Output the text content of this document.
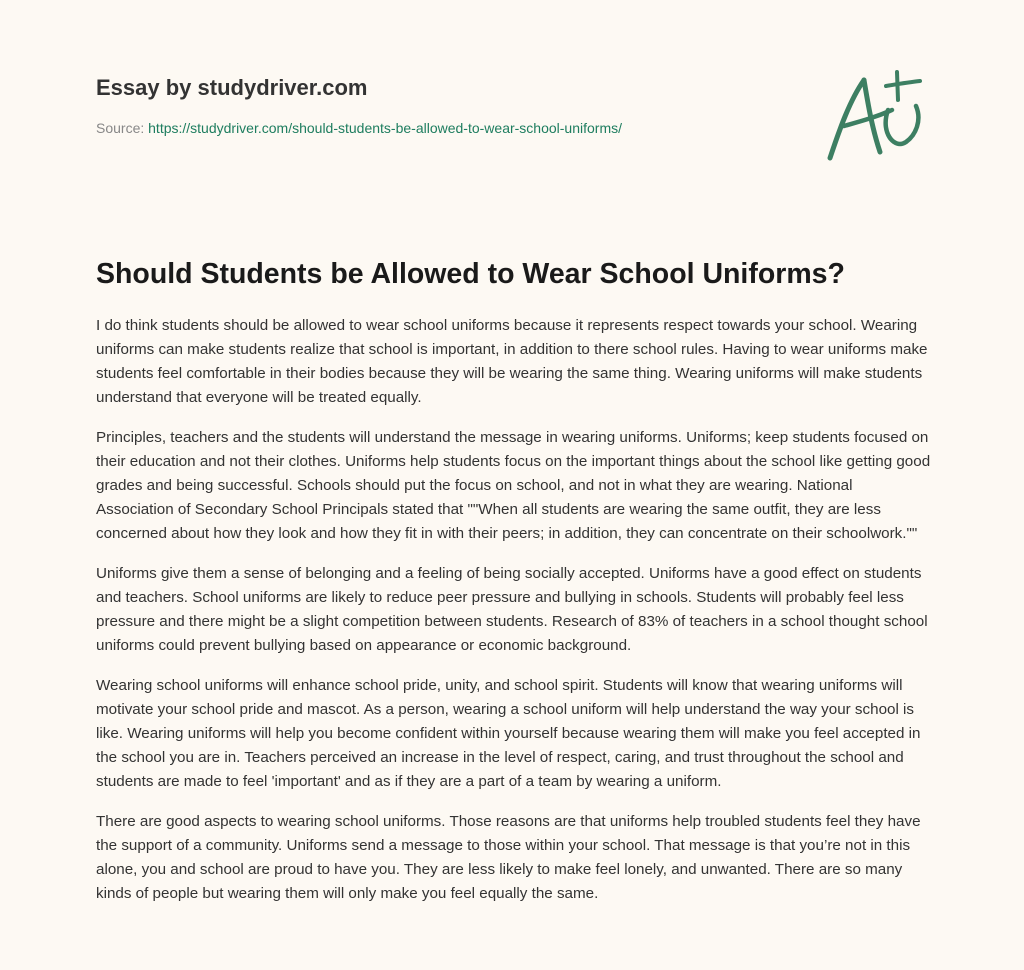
Essay by studydriver.com
Source: https://studydriver.com/should-students-be-allowed-to-wear-school-uniforms/
Should Students be Allowed to Wear School Uniforms?

I do think students should be allowed to wear school uniforms because it represents respect towards your school. Wearing uniforms can make students realize that school is important, in addition to there school rules. Having to wear uniforms make students feel comfortable in their bodies because they will be wearing the same thing. Wearing uniforms will make students understand that everyone will be treated equally.

Principles, teachers and the students will understand the message in wearing uniforms. Uniforms; keep students focused on their education and not their clothes. Uniforms help students focus on the important things about the school like getting good grades and being successful. Schools should put the focus on school, and not in what they are wearing. National Association of Secondary School Principals stated that ""When all students are wearing the same outfit, they are less concerned about how they look and how they fit in with their peers; in addition, they can concentrate on their schoolwork.""

Uniforms give them a sense of belonging and a feeling of being socially accepted. Uniforms have a good effect on students and teachers. School uniforms are likely to reduce peer pressure and bullying in schools. Students will probably feel less pressure and there might be a slight competition between students. Research of 83% of teachers in a school thought school uniforms could prevent bullying based on appearance or economic background.

Wearing school uniforms will enhance school pride, unity, and school spirit. Students will know that wearing uniforms will motivate your school pride and mascot. As a person, wearing a school uniform will help understand the way your school is like. Wearing uniforms will help you become confident within yourself because wearing them will make you feel accepted in the school you are in. Teachers perceived an increase in the level of respect, caring, and trust throughout the school and students are made to feel 'important' and as if they are a part of a team by wearing a uniform.

There are good aspects to wearing school uniforms. Those reasons are that uniforms help troubled students feel they have the support of a community. Uniforms send a message to those within your school. That message is that you’re not in this alone, you and school are proud to have you. They are less likely to make feel lonely, and unwanted. There are so many kinds of people but wearing them will only make you feel equally the same.
